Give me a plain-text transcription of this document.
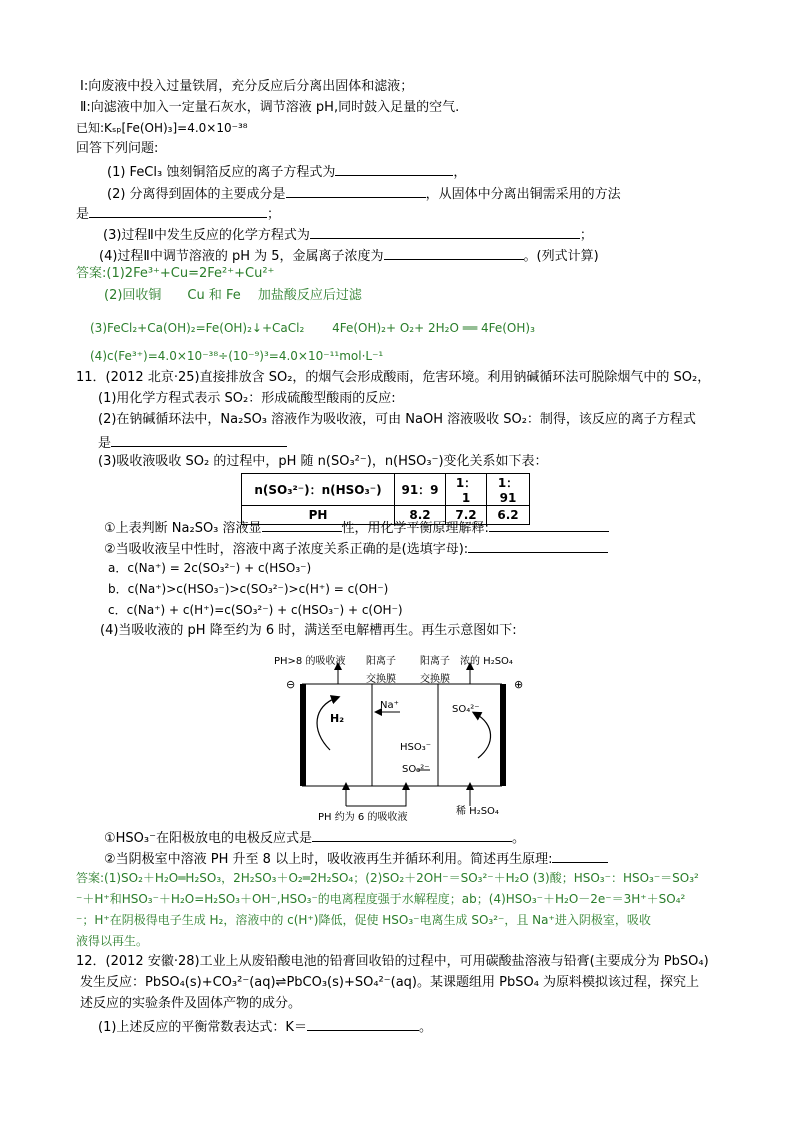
Ⅰ:向废液中投入过量铁屑，充分反应后分离出固体和滤液；
Ⅱ:向滤液中加入一定量石灰水，调节溶液 pH,同时鼓入足量的空气.
已知:Kₛₚ[Fe(OH)₃]=4.0×10⁻³⁸
回答下列问题:
(1) FeCl₃ 蚀刻铜箔反应的离子方程式为	，
(2) 分离得到固体的主要成分是	，从固体中分离出铜需采用的方法
是	；
(3)过程Ⅱ中发生反应的化学方程式为	；
(4)过程Ⅱ中调节溶液的 pH 为 5，金属离子浓度为	。(列式计算)
答案:(1)2Fe³⁺+Cu=2Fe²⁺+Cu²⁺
(2)回收铜　　Cu 和 Fe　 加盐酸反应后过滤
(3)FeCl₂+Ca(OH)₂=Fe(OH)₂↓+CaCl₂　　 4Fe(OH)₂+ O₂+ 2H₂O ══ 4Fe(OH)₃
(4)c(Fe³⁺)=4.0×10⁻³⁸÷(10⁻⁹)³=4.0×10⁻¹¹mol·L⁻¹
11．(2012 北京·25)直接排放含 SO₂，的烟气会形成酸雨，危害环境。利用钠碱循环法可脱除烟气中的 SO₂，
(1)用化学方程式表示 SO₂：形成硫酸型酸雨的反应:
(2)在钠碱循环法中，Na₂SO₃ 溶液作为吸收液，可由 NaOH 溶液吸收 SO₂：制得，该反应的离子方程式
是
(3)吸收液吸收 SO₂ 的过程中，pH 随 n(SO₃²⁻)，n(HSO₃⁻)变化关系如下表：
n(SO₃²⁻)：n(HSO₃⁻)	91：9	1：1	1：91
PH	8.2	7.2	6.2
①上表判断 Na₂SO₃ 溶液显	性，用化学平衡原理解释:
②当吸收液呈中性时，溶液中离子浓度关系正确的是(选填字母):
a．c(Na⁺) = 2c(SO₃²⁻) + c(HSO₃⁻)
b．c(Na⁺)>c(HSO₃⁻)>c(SO₃²⁻)>c(H⁺) = c(OH⁻)
c．c(Na⁺) + c(H⁺)=c(SO₃²⁻) + c(HSO₃⁻) + c(OH⁻)
(4)当吸收液的 pH 降至约为 6 时，满送至电解槽再生。再生示意图如下:
PH>8 的吸收液 阳离子
交换膜
阳离子
交换膜
浓的 H₂SO₄
⊖	⊕
H₂
Na⁺	SO₄²⁻
HSO₃⁻
SO₃²⁻
PH 约为 6 的吸收液
稀 H₂SO₄
①HSO₃⁻在阳极放电的电极反应式是	。
②当阴极室中溶液 PH 升至 8 以上时，吸收液再生并循环利用。简述再生原理:
答案:(1)SO₂＋H₂O═H₂SO₃，2H₂SO₃＋O₂═2H₂SO₄；(2)SO₂＋2OH⁻＝SO₃²⁻＋H₂O (3)酸；HSO₃⁻：HSO₃⁻＝SO₃²
⁻＋H⁺和HSO₃⁻＋H₂O=H₂SO₃＋OH⁻,HSO₃⁻的电离程度强于水解程度；ab；(4)HSO₃⁻＋H₂O－2e⁻＝3H⁺＋SO₄²
⁻；H⁺在阴极得电子生成 H₂，溶液中的 c(H⁺)降低，促使 HSO₃⁻电离生成 SO₃²⁻，且 Na⁺进入阴极室，吸收
液得以再生。
12．(2012 安徽·28)工业上从废铅酸电池的铅膏回收铅的过程中，可用碳酸盐溶液与铅膏(主要成分为 PbSO₄)
发生反应：PbSO₄(s)+CO₃²⁻(aq)⇌PbCO₃(s)+SO₄²⁻(aq)。某课题组用 PbSO₄ 为原料模拟该过程，探究上
述反应的实验条件及固体产物的成分。
(1)上述反应的平衡常数表达式：K＝	。
